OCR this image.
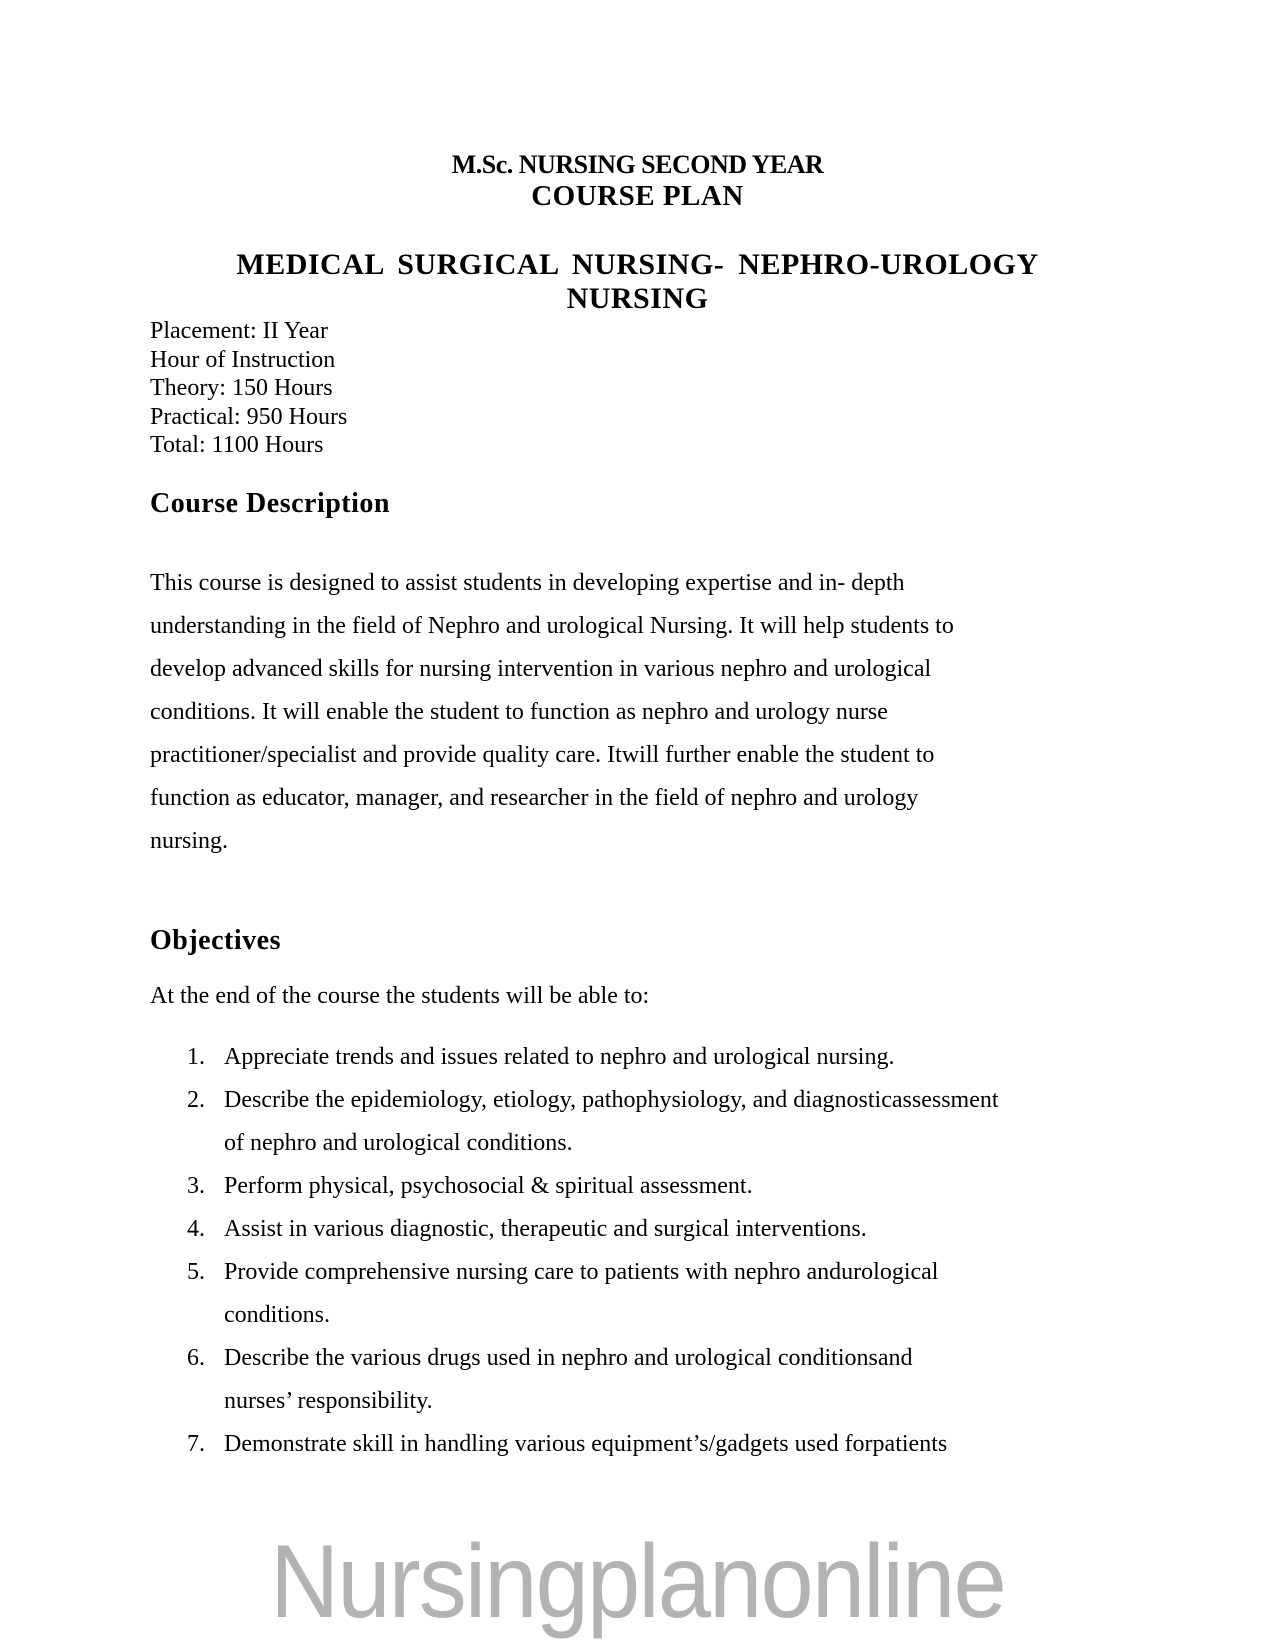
M.Sc. NURSING SECOND YEAR
COURSE PLAN
MEDICAL SURGICAL NURSING- NEPHRO-UROLOGY
NURSING
Placement: II Year
Hour of Instruction
Theory: 150 Hours
Practical: 950 Hours
Total: 1100 Hours
Course Description
This course is designed to assist students in developing expertise and in- depth
understanding in the field of Nephro and urological Nursing. It will help students to
develop advanced skills for nursing intervention in various nephro and urological
conditions. It will enable the student to function as nephro and urology nurse
practitioner/specialist and provide quality care. Itwill further enable the student to
function as educator, manager, and researcher in the field of nephro and urology
nursing.
Objectives
At the end of the course the students will be able to:
1. Appreciate trends and issues related to nephro and urological nursing.
2. Describe the epidemiology, etiology, pathophysiology, and diagnosticassessment
of nephro and urological conditions.
3. Perform physical, psychosocial & spiritual assessment.
4. Assist in various diagnostic, therapeutic and surgical interventions.
5. Provide comprehensive nursing care to patients with nephro andurological
conditions.
6. Describe the various drugs used in nephro and urological conditionsand
nurses’ responsibility.
7. Demonstrate skill in handling various equipment’s/gadgets used forpatients
Nursingplanonline
